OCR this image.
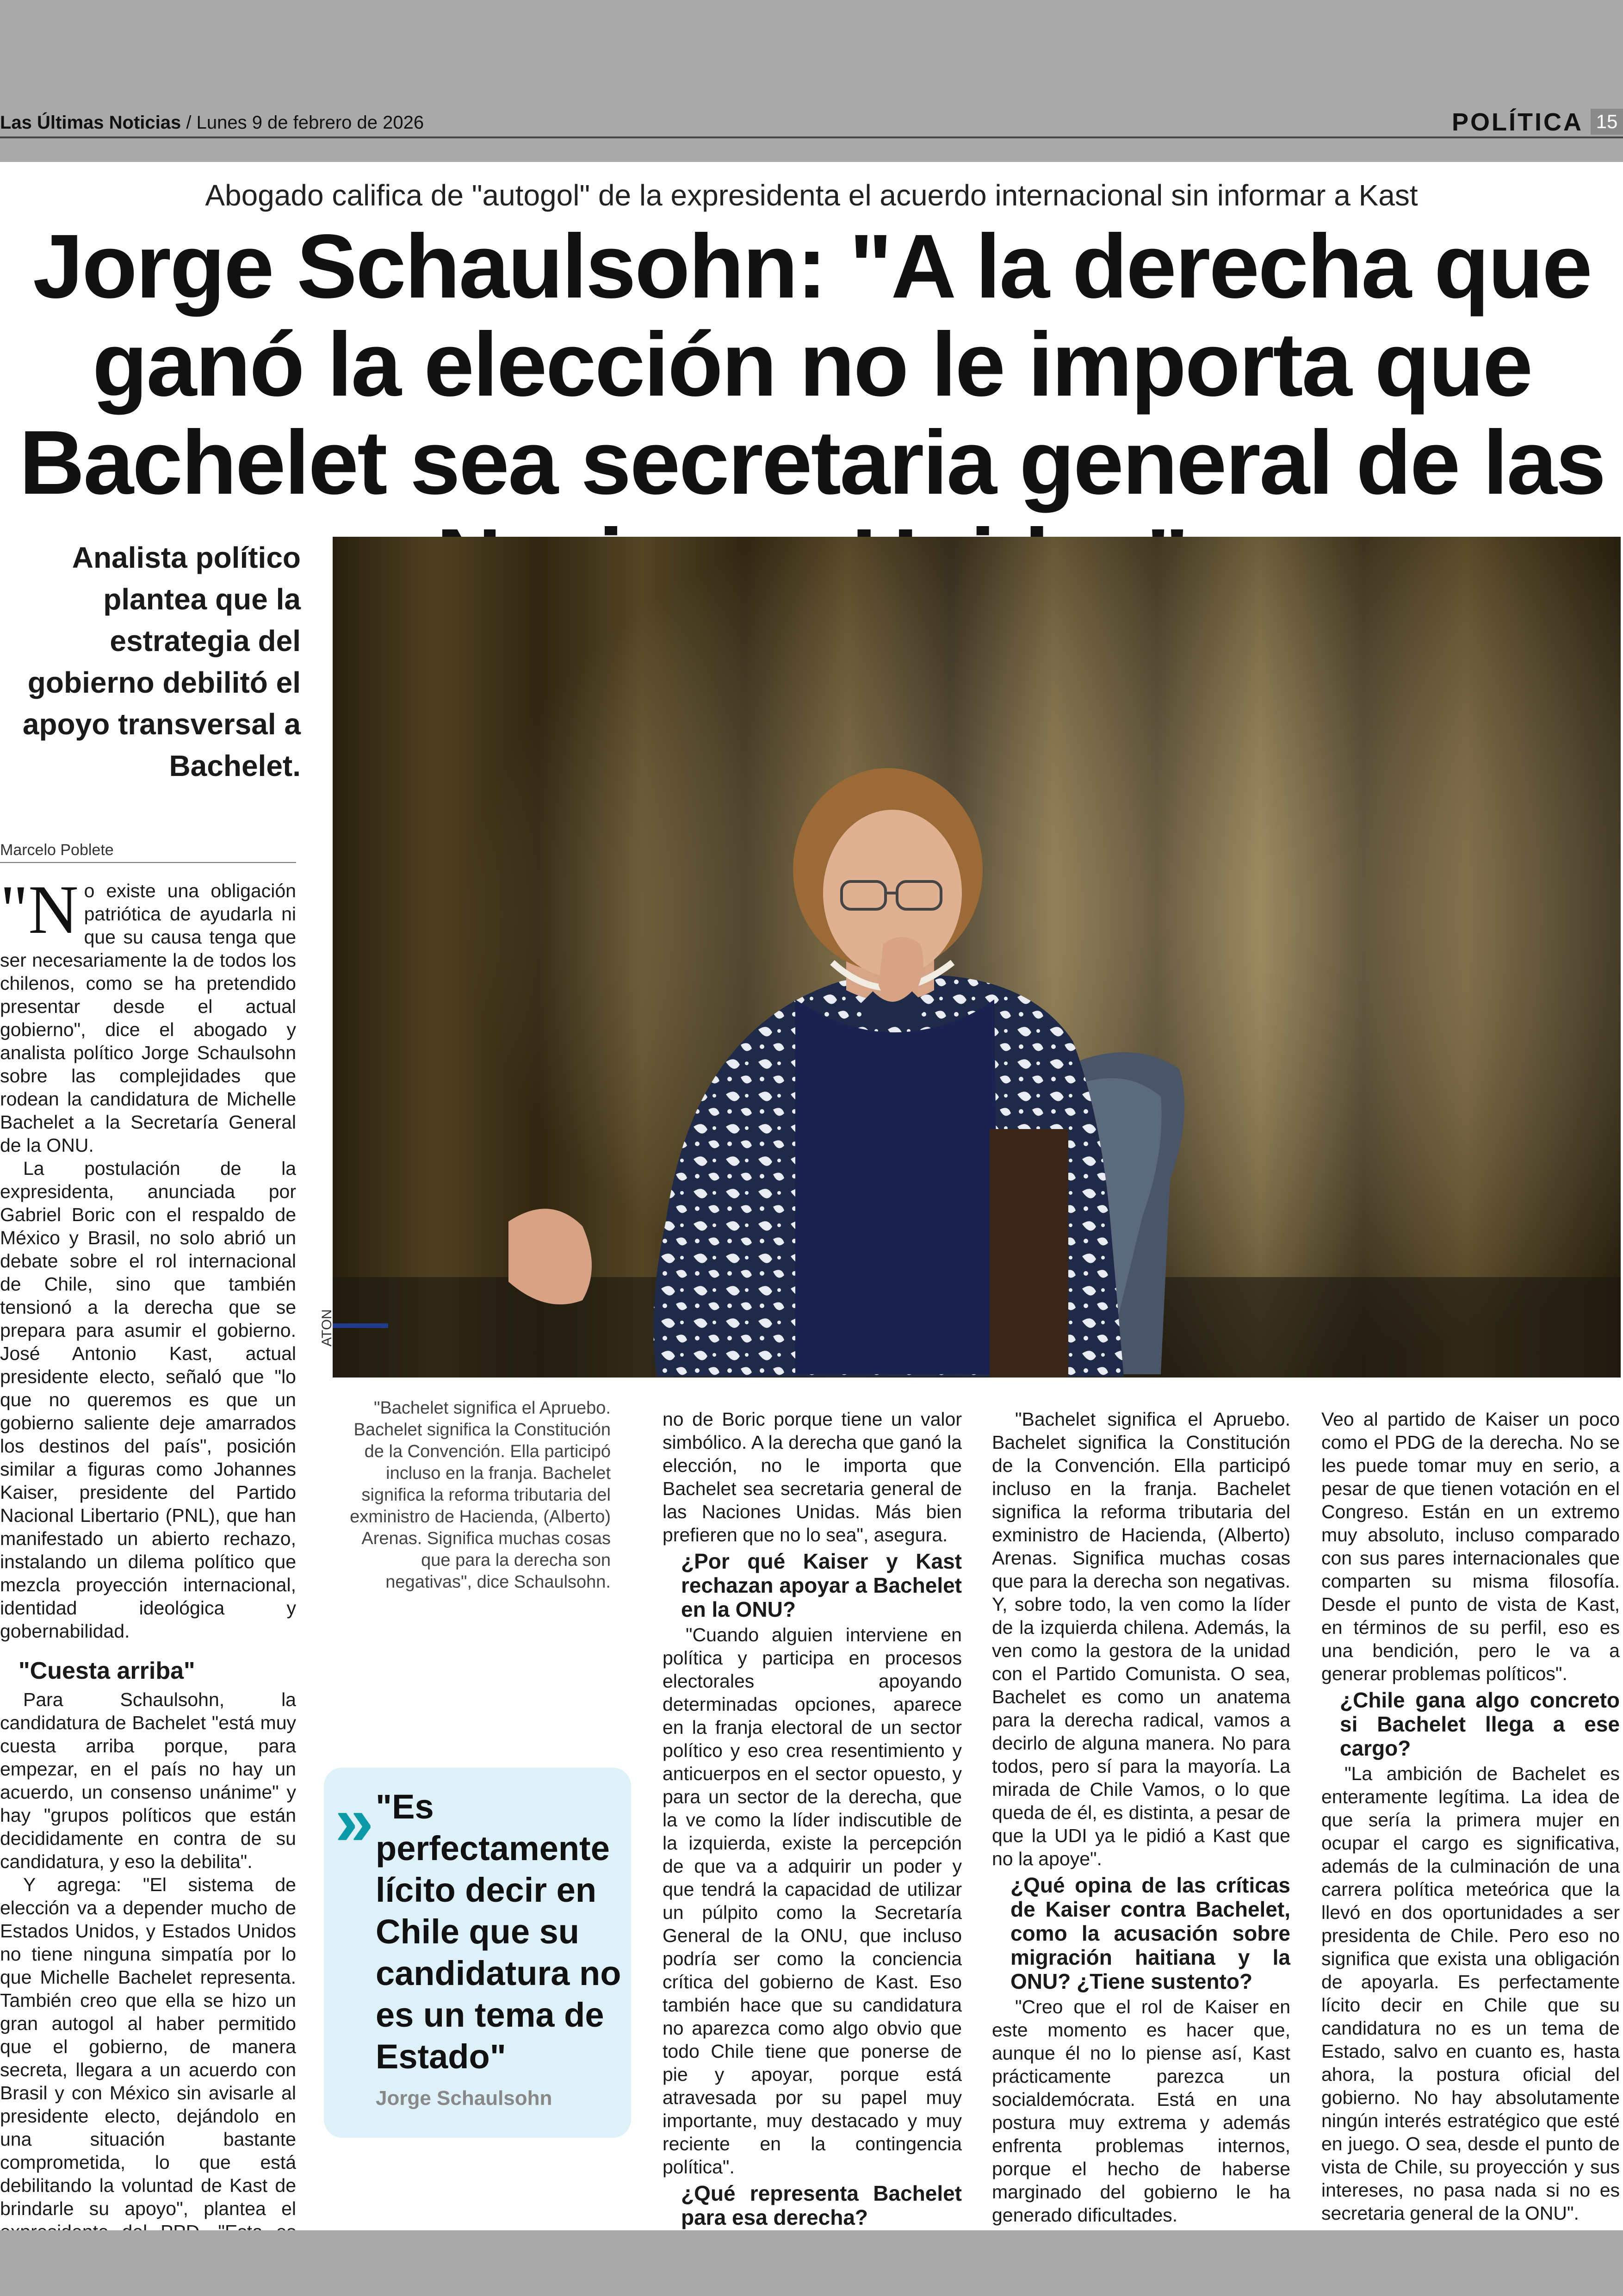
Las Últimas Noticias / Lunes 9 de febrero de 2026	POLÍTICA 15
Abogado califica de "autogol" de la expresidenta el acuerdo internacional sin informar a Kast
Jorge Schaulsohn: "A la derecha que ganó la elección no le importa que Bachelet sea secretaria general de las
Analista político plantea que la estrategia del gobierno debilitó el apoyo transversal a Bachelet.
ATON
Marcelo Poblete

"No existe una obligación patriótica de ayudarla ni que su causa tenga que ser necesariamente la de todos los chilenos, como se ha pretendido presentar desde el actual gobierno", dice el abogado y analista político Jorge Schaulsohn sobre las complejidades que rodean la candidatura de Michelle Bachelet a la Secretaría General de la ONU.

La postulación de la expresidenta, anunciada por Gabriel Boric con el respaldo de México y Brasil, no solo abrió un debate sobre el rol internacional de Chile, sino que también tensionó a la derecha que se prepara para asumir el gobierno. José Antonio Kast, actual presidente electo, señaló que "lo que no queremos es que un gobierno saliente deje amarrados los destinos del país", posición similar a figuras como Johannes Kaiser, presidente del Partido Nacional Libertario (PNL), que han manifestado un abierto rechazo, instalando un dilema político que mezcla proyección internacional, identidad ideológica y gobernabilidad.

"Cuesta arriba"

Para Schaulsohn, la candidatura de Bachelet "está muy cuesta arriba porque, para empezar, en el país no hay un acuerdo, un consenso unánime" y hay "grupos políticos que están decididamente en contra de su candidatura, y eso la debilita".

Y agrega: "El sistema de elección va a depender mucho de Estados Unidos, y Estados Unidos no tiene ninguna simpatía por lo que Michelle Bachelet representa. También creo que ella se hizo un gran autogol al haber permitido que el gobierno, de manera secreta, llegara a un acuerdo con Brasil y con México sin avisarle al presidente electo, dejándolo en una situación bastante comprometida, lo que está debilitando la voluntad de Kast de brindarle su apoyo", plantea el

"Bachelet significa el Apruebo. Bachelet significa la Constitución de la Convención. Ella participó incluso en la franja. Bachelet significa la reforma tributaria del exministro de Hacienda, (Alberto) Arenas. Significa muchas cosas que para la derecha son negativas", dice Schaulsohn.
» "Es perfectamente lícito decir en Chile que su candidatura no es un tema de Estado"
Jorge Schaulsohn

no de Boric porque tiene un valor simbólico. A la derecha que ganó la elección, no le importa que Bachelet sea secretaria general de las Naciones Unidas. Más bien prefieren que no lo sea", asegura.

¿Por qué Kaiser y Kast rechazan apoyar a Bachelet en la ONU?

"Cuando alguien interviene en política y participa en procesos electorales apoyando determinadas opciones, aparece en la franja electoral de un sector político y eso crea resentimiento y anticuerpos en el sector opuesto, y para un sector de la derecha, que la ve como la líder indiscutible de la izquierda, existe la percepción de que va a adquirir un poder y que tendrá la capacidad de utilizar un púlpito como la Secretaría General de la ONU, que incluso podría ser como la conciencia crítica del gobierno de Kast. Eso también hace que su candidatura no aparezca como algo obvio que todo Chile tiene que ponerse de pie y apoyar, porque está atravesada por su papel muy importante, muy destacado y muy reciente en la contingencia política".

¿Qué representa Bachelet para esa derecha?

"Bachelet significa el Apruebo. Bachelet significa la Constitución de la Convención. Ella participó incluso en la franja. Bachelet significa la reforma tributaria del exministro de Hacienda, (Alberto) Arenas. Significa muchas cosas que para la derecha son negativas. Y, sobre todo, la ven como la líder de la izquierda chilena. Además, la ven como la gestora de la unidad con el Partido Comunista. O sea, Bachelet es como un anatema para la derecha radical, vamos a decirlo de alguna manera. No para todos, pero sí para la mayoría. La mirada de Chile Vamos, o lo que queda de él, es distinta, a pesar de que la UDI ya le pidió a Kast que no la apoye".

¿Qué opina de las críticas de Kaiser contra Bachelet, como la acusación sobre migración haitiana y la ONU? ¿Tiene sustento?

"Creo que el rol de Kaiser en este momento es hacer que, aunque él no lo piense así, Kast prácticamente parezca un socialdemócrata. Está en una postura muy extrema y además enfrenta problemas internos, porque el hecho de haberse marginado del gobierno le ha generado dificultades.

Veo al partido de Kaiser un poco como el PDG de la derecha. No se les puede tomar muy en serio, a pesar de que tienen votación en el Congreso. Están en un extremo muy absoluto, incluso comparado con sus pares internacionales que comparten su misma filosofía. Desde el punto de vista de Kast, en términos de su perfil, eso es una bendición, pero le va a generar problemas políticos".

¿Chile gana algo concreto si Bachelet llega a ese cargo?

"La ambición de Bachelet es enteramente legítima. La idea de que sería la primera mujer en ocupar el cargo es significativa, además de la culminación de una carrera política meteórica que la llevó en dos oportunidades a ser presidenta de Chile. Pero eso no significa que exista una obligación de apoyarla. Es perfectamente lícito decir en Chile que su candidatura no es un tema de Estado, salvo en cuanto es, hasta ahora, la postura oficial del gobierno. No hay absolutamente ningún interés estratégico que esté en juego. O sea, desde el punto de vista de Chile, su proyección y sus intereses, no pasa nada si no es secretaria general de la ONU".
